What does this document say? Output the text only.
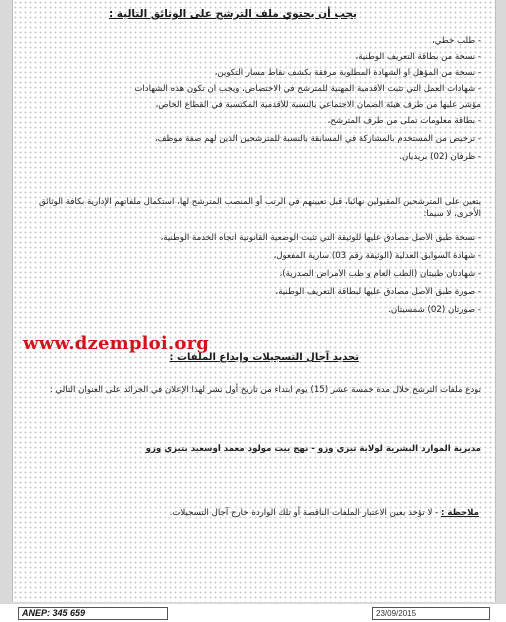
يجب أن يحتوي ملف الترشح على الوثائق التالية :
- طلب خطي،
- نسخة من بطاقة التعريف الوطنية،
- نسخة من المؤهل أو الشهادة المطلوبة مرفقة بكشف نقاط مسار التكوين،
- شهادات العمل التي تثبت الأقدمية المهنية للمترشح في الاختصاص، ويجب أن تكون هذه الشهادات
مؤشر عليها من طرف هيئة الضمان الاجتماعي بالنسبة للأقدمية المكتسبة في القطاع الخاص،
- بطاقة معلومات تملى من طرف المترشح،
- ترخيص من المستخدم بالمشاركة في المسابقة بالنسبة للمترشحين الذين لهم صفة موظف،
- ظرفان (02) بريديان.
يتعين على المترشحين المقبولين نهائيا، قبل تعيينهم في الرتب أو المنصب المترشح لها، استكمال ملفاتهم الإدارية بكافة الوثائق الأخرى، لا سيما:
- نسخة طبق الأصل مصادق عليها للوثيقة التي تثبت الوضعية القانونية اتجاه الخدمة الوطنية،
- شهادة السوابق العدلية (الوثيقة رقم 03) سارية المفعول،
- شهادتان طبيتان (الطب العام و طب الأمراض الصدرية)،
- صورة طبق الأصل مصادق عليها لبطاقة التعريف الوطنية،
- صورتان (02) شمسيتان.
تحديد آجال التسجيلات وإيداع الملفات :
تودع ملفات الترشح خلال مدة خمسة عشر (15) يوم ابتداء من تاريخ أول نشر لهذا الإعلان في الجرائد على العنوان التالي :
مديرية الموارد البشرية لولاية تيزي وزو - نهج بيت مولود معمد أوسعيد بتيزي وزو
ملاحظة : - لا تؤخذ بعين الاعتبار الملفات الناقصة أو تلك الواردة خارج آجال التسجيلات.
www.dzemploi.org
ANEP: 345 659	23/09/2015
